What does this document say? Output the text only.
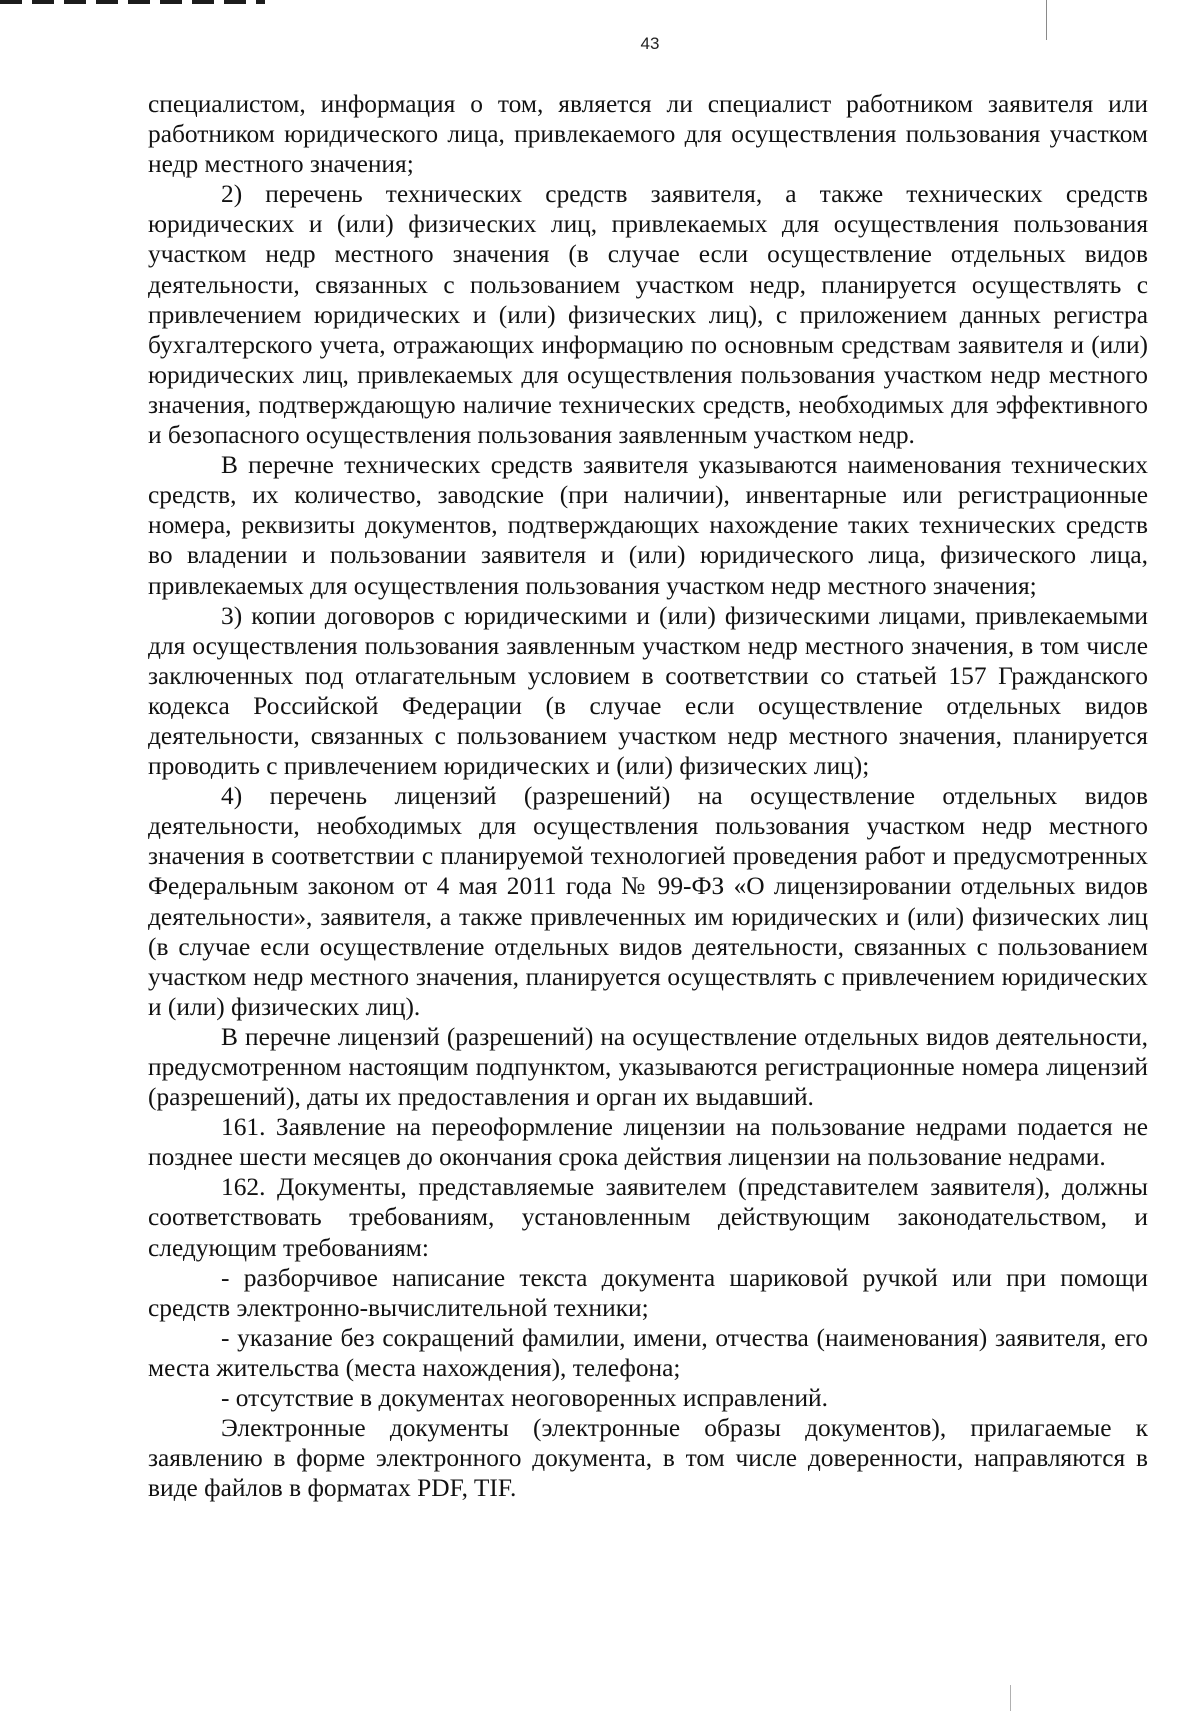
43

специалистом, информация о том, является ли специалист работником заявителя или работником юридического лица, привлекаемого для осуществления пользования участком недр местного значения;

2) перечень технических средств заявителя, а также технических средств юридических и (или) физических лиц, привлекаемых для осуществления пользования участком недр местного значения (в случае если осуществление отдельных видов деятельности, связанных с пользованием участком недр, планируется осуществлять с привлечением юридических и (или) физических лиц), с приложением данных регистра бухгалтерского учета, отражающих информацию по основным средствам заявителя и (или) юридических лиц, привлекаемых для осуществления пользования участком недр местного значения, подтверждающую наличие технических средств, необходимых для эффективного и безопасного осуществления пользования заявленным участком недр.

В перечне технических средств заявителя указываются наименования технических средств, их количество, заводские (при наличии), инвентарные или регистрационные номера, реквизиты документов, подтверждающих нахождение таких технических средств во владении и пользовании заявителя и (или) юридического лица, физического лица, привлекаемых для осуществления пользования участком недр местного значения;

3) копии договоров с юридическими и (или) физическими лицами, привлекаемыми для осуществления пользования заявленным участком недр местного значения, в том числе заключенных под отлагательным условием в соответствии со статьей 157 Гражданского кодекса Российской Федерации (в случае если осуществление отдельных видов деятельности, связанных с пользованием участком недр местного значения, планируется проводить с привлечением юридических и (или) физических лиц);

4) перечень лицензий (разрешений) на осуществление отдельных видов деятельности, необходимых для осуществления пользования участком недр местного значения в соответствии с планируемой технологией проведения работ и предусмотренных Федеральным законом от 4 мая 2011 года № 99-ФЗ «О лицензировании отдельных видов деятельности», заявителя, а также привлеченных им юридических и (или) физических лиц (в случае если осуществление отдельных видов деятельности, связанных с пользованием участком недр местного значения, планируется осуществлять с привлечением юридических и (или) физических лиц).

В перечне лицензий (разрешений) на осуществление отдельных видов деятельности, предусмотренном настоящим подпунктом, указываются регистрационные номера лицензий (разрешений), даты их предоставления и орган их выдавший.

161. Заявление на переоформление лицензии на пользование недрами подается не позднее шести месяцев до окончания срока действия лицензии на пользование недрами.

162. Документы, представляемые заявителем (представителем заявителя), должны соответствовать требованиям, установленным действующим законодательством, и следующим требованиям:

- разборчивое написание текста документа шариковой ручкой или при помощи средств электронно-вычислительной техники;

- указание без сокращений фамилии, имени, отчества (наименования) заявителя, его места жительства (места нахождения), телефона;

- отсутствие в документах неоговоренных исправлений.

Электронные документы (электронные образы документов), прилагаемые к заявлению в форме электронного документа, в том числе доверенности, направляются в виде файлов в форматах PDF, TIF.
